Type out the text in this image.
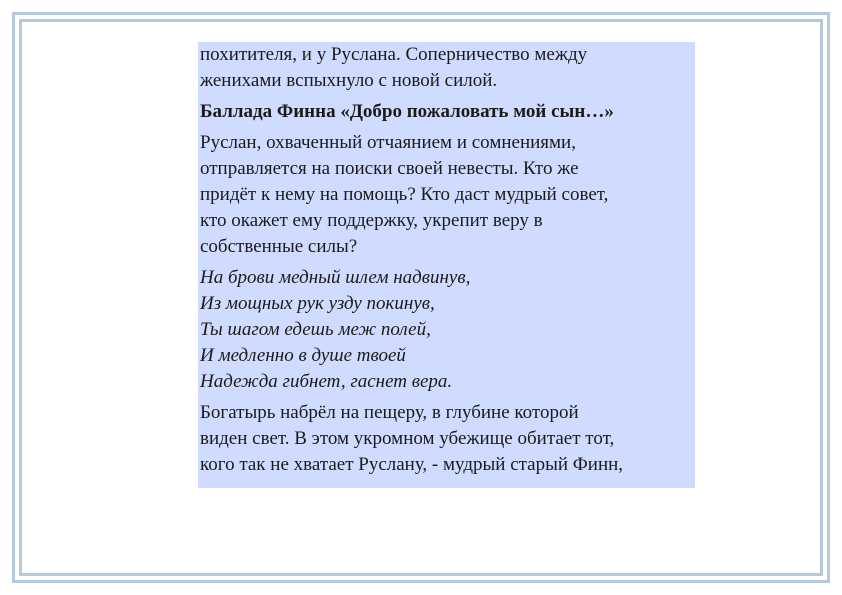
похитителя, и у Руслана. Соперничество между
женихами вспыхнуло с новой силой.

Баллада Финна «Добро пожаловать мой сын…»

Руслан, охваченный отчаянием и сомнениями,
отправляется на поиски своей невесты. Кто же
придёт к нему на помощь? Кто даст мудрый совет,
кто окажет ему поддержку, укрепит веру в
собственные силы?

На брови медный шлем надвинув,
Из мощных рук узду покинув,
Ты шагом едешь меж полей,
И медленно в душе твоей
Надежда гибнет, гаснет вера.

Богатырь набрёл на пещеру, в глубине которой
виден свет. В этом укромном убежище обитает тот,
кого так не хватает Руслану, - мудрый старый Финн,
